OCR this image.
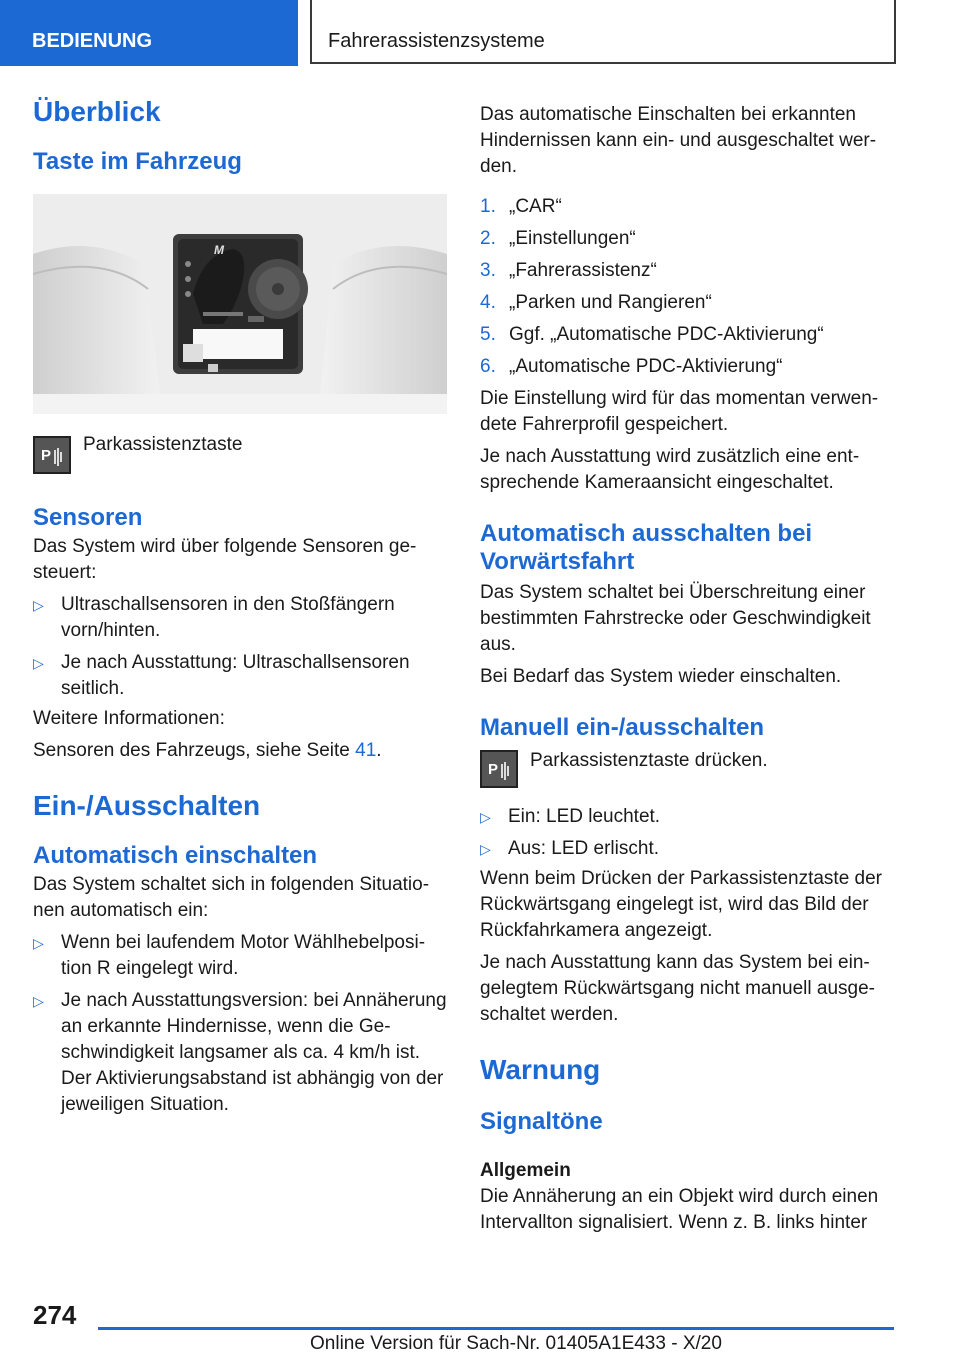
BEDIENUNG	Fahrerassistenzsysteme
Überblick
Taste im Fahrzeug
M
P

Parkassistenztaste

Sensoren

Das System wird über folgende Sensoren gesteuert:

▷ Ultraschallsensoren in den Stoßfängern vorn/hinten.
▷ Je nach Ausstattung: Ultraschallsensoren seitlich.

Weitere Informationen:

Sensoren des Fahrzeugs, siehe Seite 41.

Ein-/Ausschalten
Automatisch einschalten

Das System schaltet sich in folgenden Situationen automatisch ein:

▷ Wenn bei laufendem Motor Wählhebelposition R eingelegt wird.
▷ Je nach Ausstattungsversion: bei Annäherung an erkannte Hindernisse, wenn die Geschwindigkeit langsamer als ca. 4 km/h ist. Der Aktivierungsabstand ist abhängig von der jeweiligen Situation.

Das automatische Einschalten bei erkannten Hindernissen kann ein- und ausgeschaltet werden.

1. „CAR“
2. „Einstellungen“
3. „Fahrerassistenz“
4. „Parken und Rangieren“
5. Ggf. „Automatische PDC-Aktivierung“
6. „Automatische PDC-Aktivierung“

Die Einstellung wird für das momentan verwendete Fahrerprofil gespeichert.

Je nach Ausstattung wird zusätzlich eine entsprechende Kameraansicht eingeschaltet.

Automatisch ausschalten bei Vorwärtsfahrt

Das System schaltet bei Überschreitung einer bestimmten Fahrstrecke oder Geschwindigkeit aus.

Bei Bedarf das System wieder einschalten.

Manuell ein-/ausschalten
P Parkassistenztaste drücken.

▷ Ein: LED leuchtet.
▷ Aus: LED erlischt.

Wenn beim Drücken der Parkassistenztaste der Rückwärtsgang eingelegt ist, wird das Bild der Rückfahrkamera angezeigt.

Je nach Ausstattung kann das System bei eingelegtem Rückwärtsgang nicht manuell ausgeschaltet werden.

Warnung
Signaltöne
Allgemein

Die Annäherung an ein Objekt wird durch einen Intervallton signalisiert. Wenn z. B. links hinter

274
Online Version für Sach-Nr. 01405A1E433 - X/20
